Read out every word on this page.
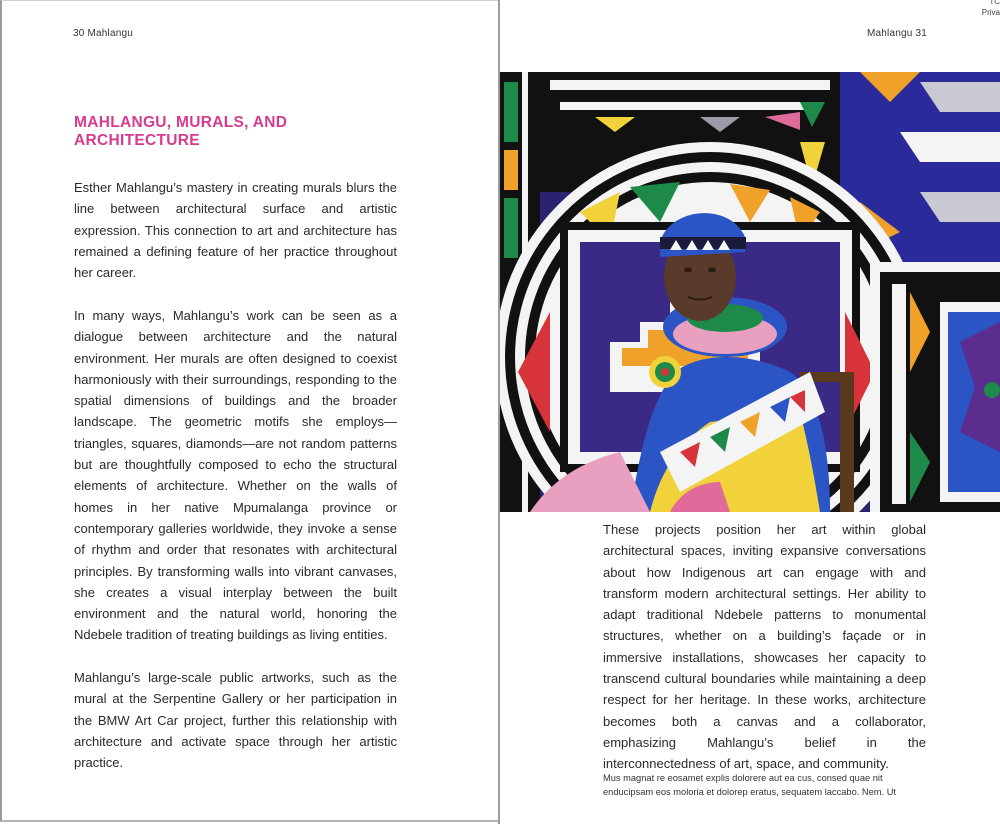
30 Mahlangu
MAHLANGU, MURALS, AND ARCHITECTURE

Esther Mahlangu’s mastery in creating murals blurs the line between architectural surface and artistic expression. This connection to art and architecture has remained a defining feature of her practice throughout her career.

In many ways, Mahlangu’s work can be seen as a dialogue between architecture and the natural environment. Her murals are often designed to coexist harmoniously with their surroundings, responding to the spatial dimensions of buildings and the broader landscape. The geometric motifs she employs—triangles, squares, diamonds—are not random patterns but are thoughtfully composed to echo the structural elements of architecture. Whether on the walls of homes in her native Mpumalanga province or contemporary galleries worldwide, they invoke a sense of rhythm and order that resonates with architectural principles. By transforming walls into vibrant canvases, she creates a visual interplay between the built environment and the natural world, honoring the Ndebele tradition of treating buildings as living entities.

Mahlangu’s large-scale public artworks, such as the mural at the Serpentine Gallery or her participation in the BMW Art Car project, further this relationship with architecture and activate space through her artistic practice.

TC
Priva
Mahlangu 31

These projects position her art within global architectural spaces, inviting expansive conversations about how Indigenous art can engage with and transform modern architectural settings. Her ability to adapt traditional Ndebele patterns to monumental structures, whether on a building’s façade or in immersive installations, showcases her capacity to transcend cultural boundaries while maintaining a deep respect for her heritage. In these works, architecture becomes both a canvas and a collaborator, emphasizing Mahlangu’s belief in the interconnectedness of art, space, and community.

Mus magnat re eosamet explis dolorere aut ea cus, consed quae nit enducipsam eos moloria et dolorep eratus, sequatem laccabo. Nem. Ut
